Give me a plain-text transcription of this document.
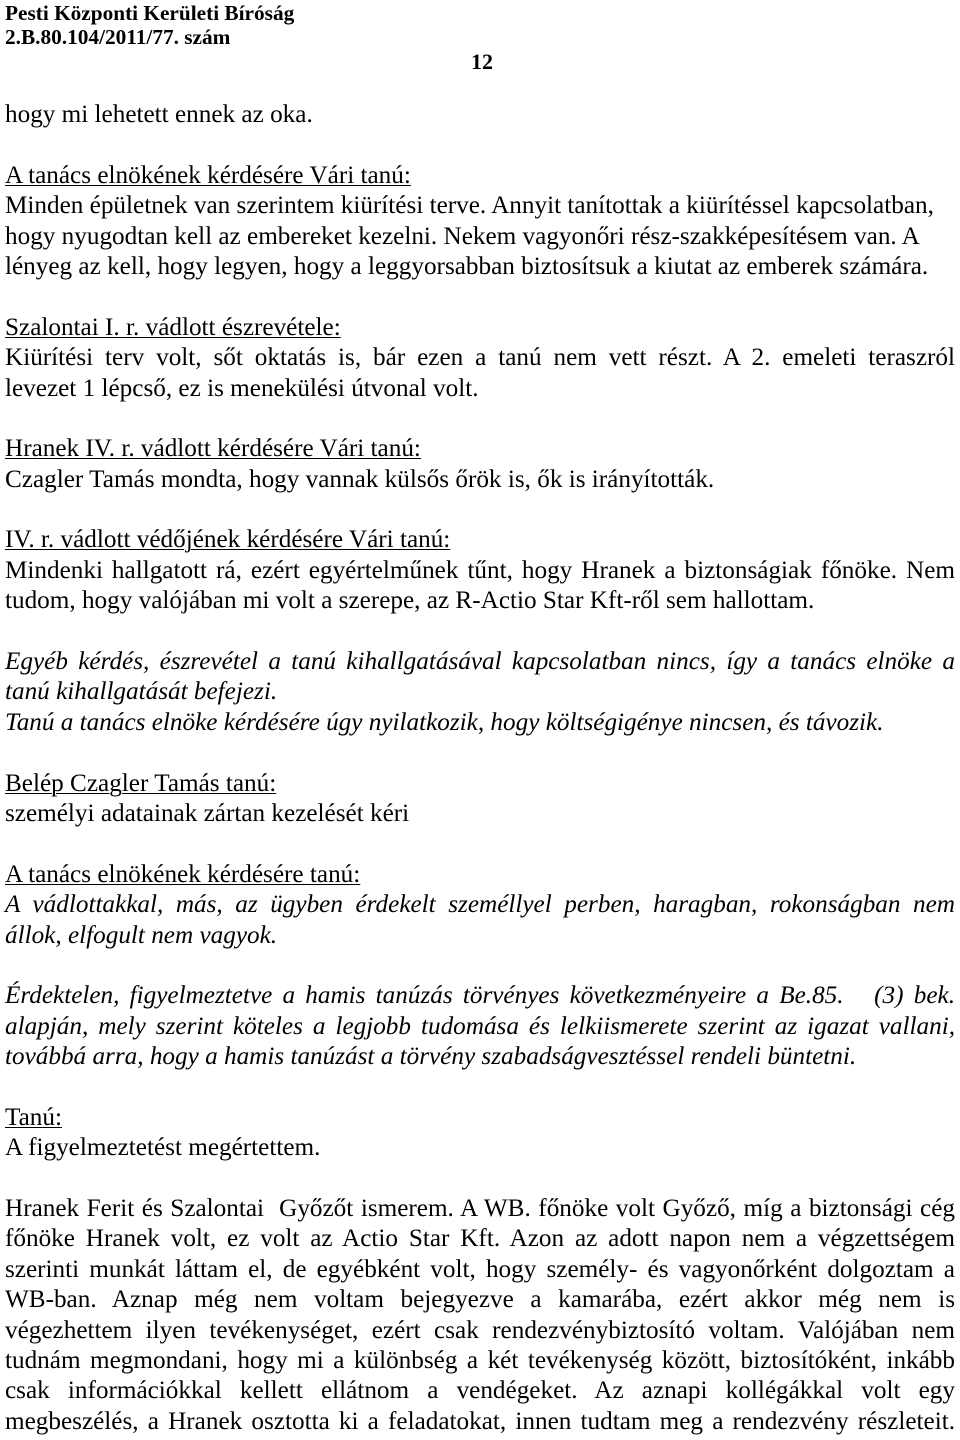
Pesti Központi Kerületi Bíróság
2.B.80.104/2011/77. szám
12
hogy mi lehetett ennek az oka.
A tanács elnökének kérdésére Vári tanú:
Minden épületnek van szerintem kiürítési terve. Annyit tanítottak a kiürítéssel kapcsolatban,
hogy nyugodtan kell az embereket kezelni. Nekem vagyonőri rész-szakképesítésem van. A
lényeg az kell, hogy legyen, hogy a leggyorsabban biztosítsuk a kiutat az emberek számára.
Szalontai I. r. vádlott észrevétele:
Kiürítési terv volt, sőt oktatás is, bár ezen a tanú nem vett részt. A 2. emeleti teraszról
levezet 1 lépcső, ez is menekülési útvonal volt.
Hranek IV. r. vádlott kérdésére Vári tanú:
Czagler Tamás mondta, hogy vannak külsős őrök is, ők is irányították.
IV. r. vádlott védőjének kérdésére Vári tanú:
Mindenki hallgatott rá, ezért egyértelműnek tűnt, hogy Hranek a biztonságiak főnöke. Nem
tudom, hogy valójában mi volt a szerepe, az R-Actio Star Kft-ről sem hallottam.
Egyéb kérdés, észrevétel a tanú kihallgatásával kapcsolatban nincs, így a tanács elnöke a
tanú kihallgatását befejezi.
Tanú a tanács elnöke kérdésére úgy nyilatkozik, hogy költségigénye nincsen, és távozik.
Belép Czagler Tamás tanú:
személyi adatainak zártan kezelését kéri
A tanács elnökének kérdésére tanú:
A vádlottakkal, más, az ügyben érdekelt személlyel perben, haragban, rokonságban nem
állok, elfogult nem vagyok.
Érdektelen, figyelmeztetve a hamis tanúzás törvényes következményeire a Be.85.   (3) bek.
alapján, mely szerint köteles a legjobb tudomása és lelkiismerete szerint az igazat vallani,
továbbá arra, hogy a hamis tanúzást a törvény szabadságvesztéssel rendeli büntetni.
Tanú:
A figyelmeztetést megértettem.
Hranek Ferit és Szalontai  Győzőt ismerem. A WB. főnöke volt Győző, míg a biztonsági cég
főnöke Hranek volt, ez volt az Actio Star Kft. Azon az adott napon nem a végzettségem
szerinti munkát láttam el, de egyébként volt, hogy személy- és vagyonőrként dolgoztam a
WB-ban. Aznap még nem voltam bejegyezve a kamarába, ezért akkor még nem is
végezhettem ilyen tevékenységet, ezért csak rendezvénybiztosító voltam. Valójában nem
tudnám megmondani, hogy mi a különbség a két tevékenység között, biztosítóként, inkább
csak információkkal kellett ellátnom a vendégeket. Az aznapi kollégákkal volt egy
megbeszélés, a Hranek osztotta ki a feladatokat, innen tudtam meg a rendezvény részleteit.
